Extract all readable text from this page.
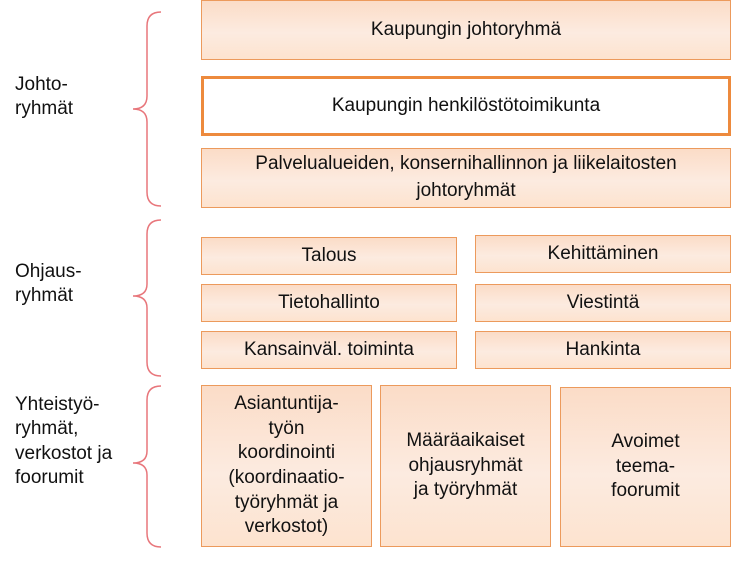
Johto-
ryhmät
Ohjaus-
ryhmät
Yhteistyö-
ryhmät,
verkostot ja
foorumit
Kaupungin johtoryhmä
Kaupungin henkilöstötoimikunta
Palvelualueiden, konsernihallinnon ja liikelaitosten johtoryhmät
Talous	Kehittäminen
Tietohallinto	Viestintä
Kansainväl. toiminta	Hankinta
Asiantuntija-
työn
koordinointi
(koordinaatio-
työryhmät ja
verkostot)
Määräaikaiset
ohjausryhmät
ja työryhmät
Avoimet
teema-
foorumit
